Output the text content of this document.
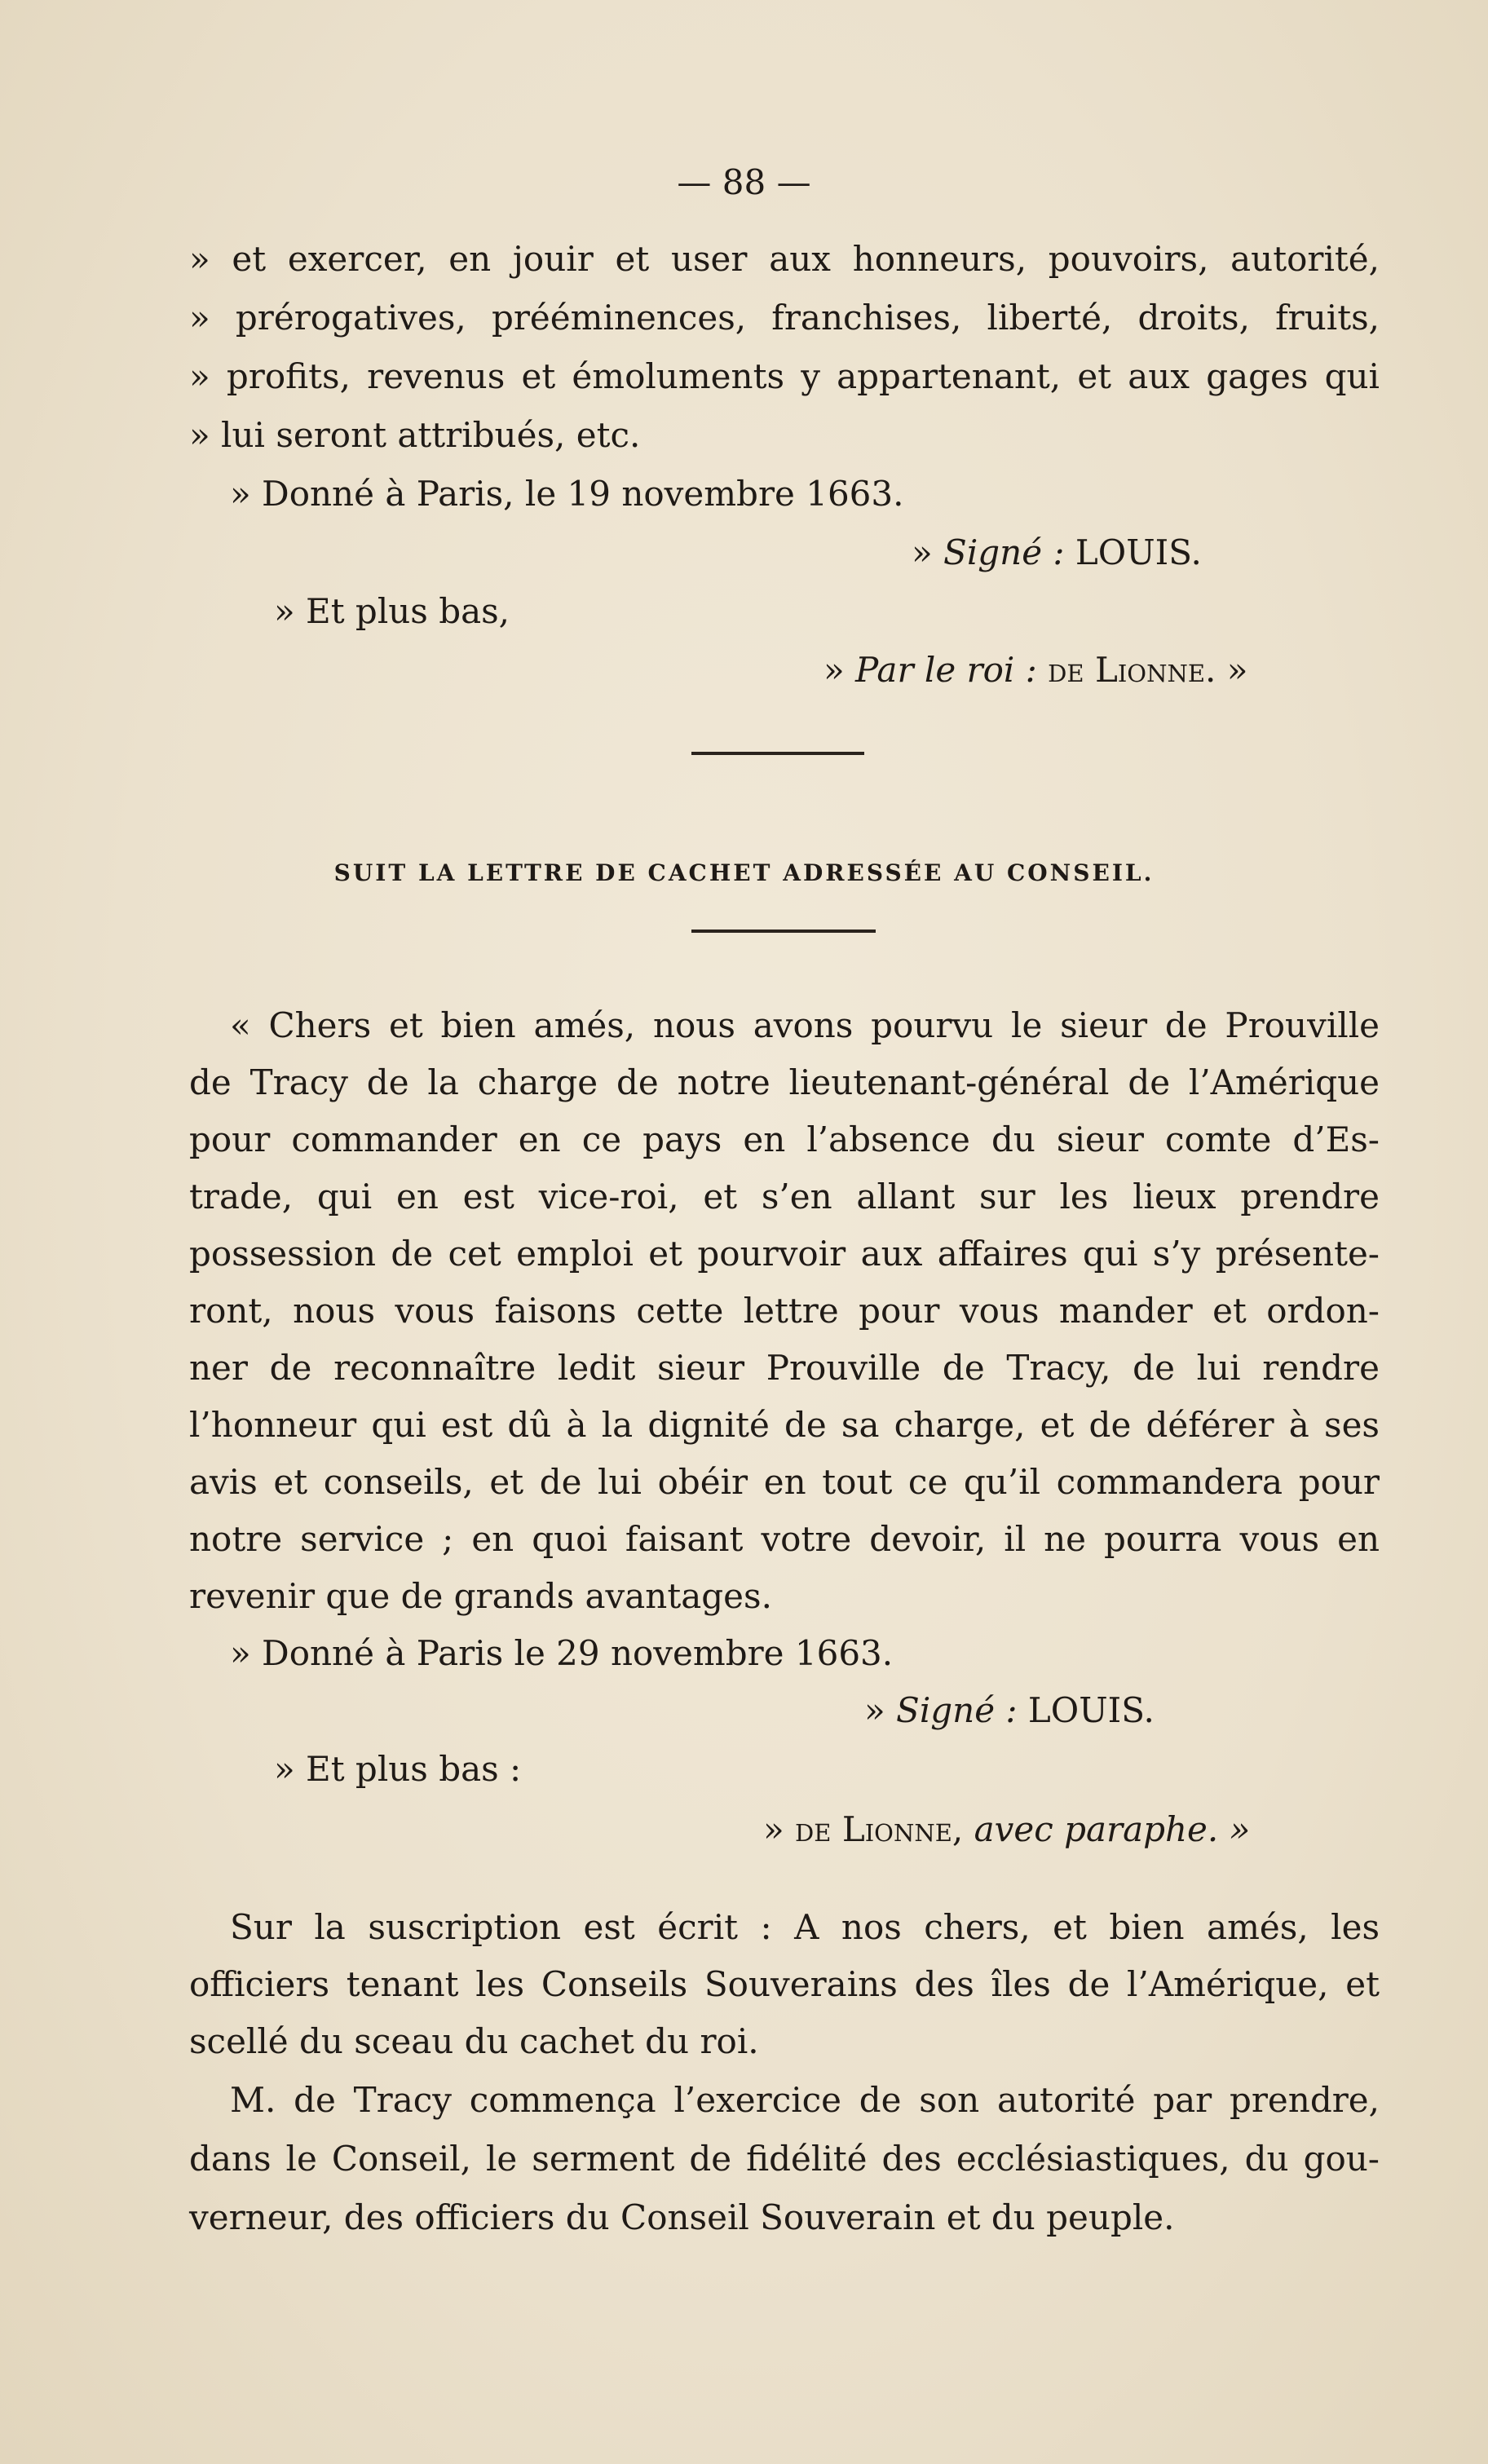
— 88 —

» et exercer, en jouir et user aux honneurs, pouvoirs, autorité,

» prérogatives, prééminences, franchises, liberté, droits, fruits,

» profits, revenus et émoluments y appartenant, et aux gages qui

» lui seront attribués, etc.

» Donné à Paris, le 19 novembre 1663.

» Signé : LOUIS.

» Et plus bas,

» Par le roi : de Lionne. »

SUIT LA LETTRE DE CACHET ADRESSÉE AU CONSEIL.

« Chers et bien amés, nous avons pourvu le sieur de Prouville

de Tracy de la charge de notre lieutenant-général de l’Amérique

pour commander en ce pays en l’absence du sieur comte d’Es-

trade, qui en est vice-roi, et s’en allant sur les lieux prendre

possession de cet emploi et pourvoir aux affaires qui s’y présente-

ront, nous vous faisons cette lettre pour vous mander et ordon-

ner de reconnaître ledit sieur Prouville de Tracy, de lui rendre

l’honneur qui est dû à la dignité de sa charge, et de déférer à ses

avis et conseils, et de lui obéir en tout ce qu’il commandera pour

notre service ; en quoi faisant votre devoir, il ne pourra vous en

revenir que de grands avantages.

» Donné à Paris le 29 novembre 1663.

» Signé : LOUIS.

» Et plus bas :

» de Lionne, avec paraphe. »

Sur la suscription est écrit : A nos chers, et bien amés, les

officiers tenant les Conseils Souverains des îles de l’Amérique, et

scellé du sceau du cachet du roi.

M. de Tracy commença l’exercice de son autorité par prendre,

dans le Conseil, le serment de fidélité des ecclésiastiques, du gou-

verneur, des officiers du Conseil Souverain et du peuple.
